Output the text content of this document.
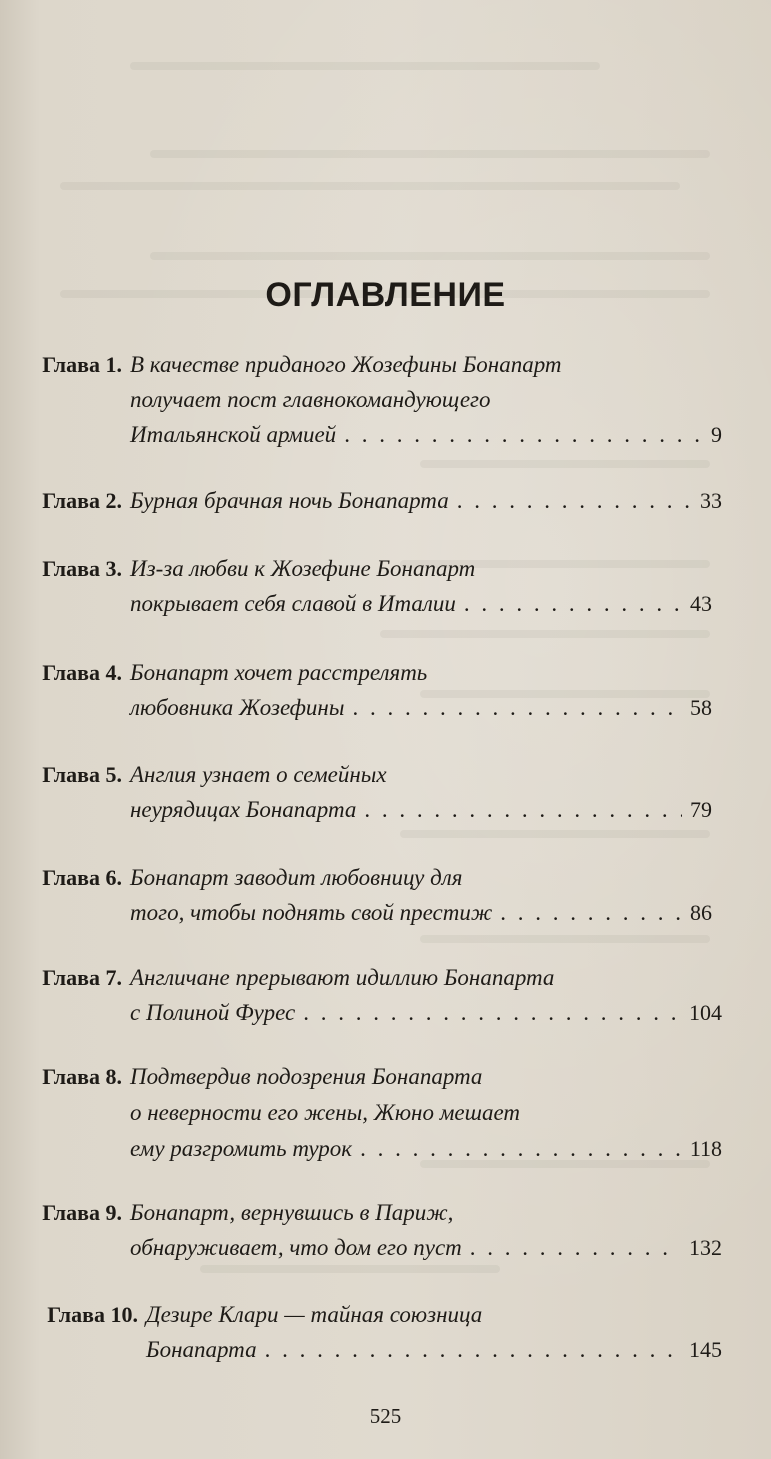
ОГЛАВЛЕНИЕ
Глава 1. В качестве приданого Жозефины Бонапарт
получает пост главнокомандующего
Итальянской армией . . .	9
Глава 2. Бурная брачная ночь Бонапарта . . .	33
Глава 3. Из-за любви к Жозефине Бонапарт
покрывает себя славой в Италии . . .	43
Глава 4. Бонапарт хочет расстрелять
любовника Жозефины . . .	58
Глава 5. Англия узнает о семейных
неурядицах Бонапарта . . .	79
Глава 6. Бонапарт заводит любовницу для
того, чтобы поднять свой престиж . . .	86
Глава 7. Англичане прерывают идиллию Бонапарта
с Полиной Фурес . . .	104
Глава 8. Подтвердив подозрения Бонапарта
о неверности его жены, Жюно мешает
ему разгромить турок . . .	118
Глава 9. Бонапарт, вернувшись в Париж,
обнаруживает, что дом его пуст . . .	132
Глава 10. Дезире Клари — тайная союзница
Бонапарта . . .	145
525
